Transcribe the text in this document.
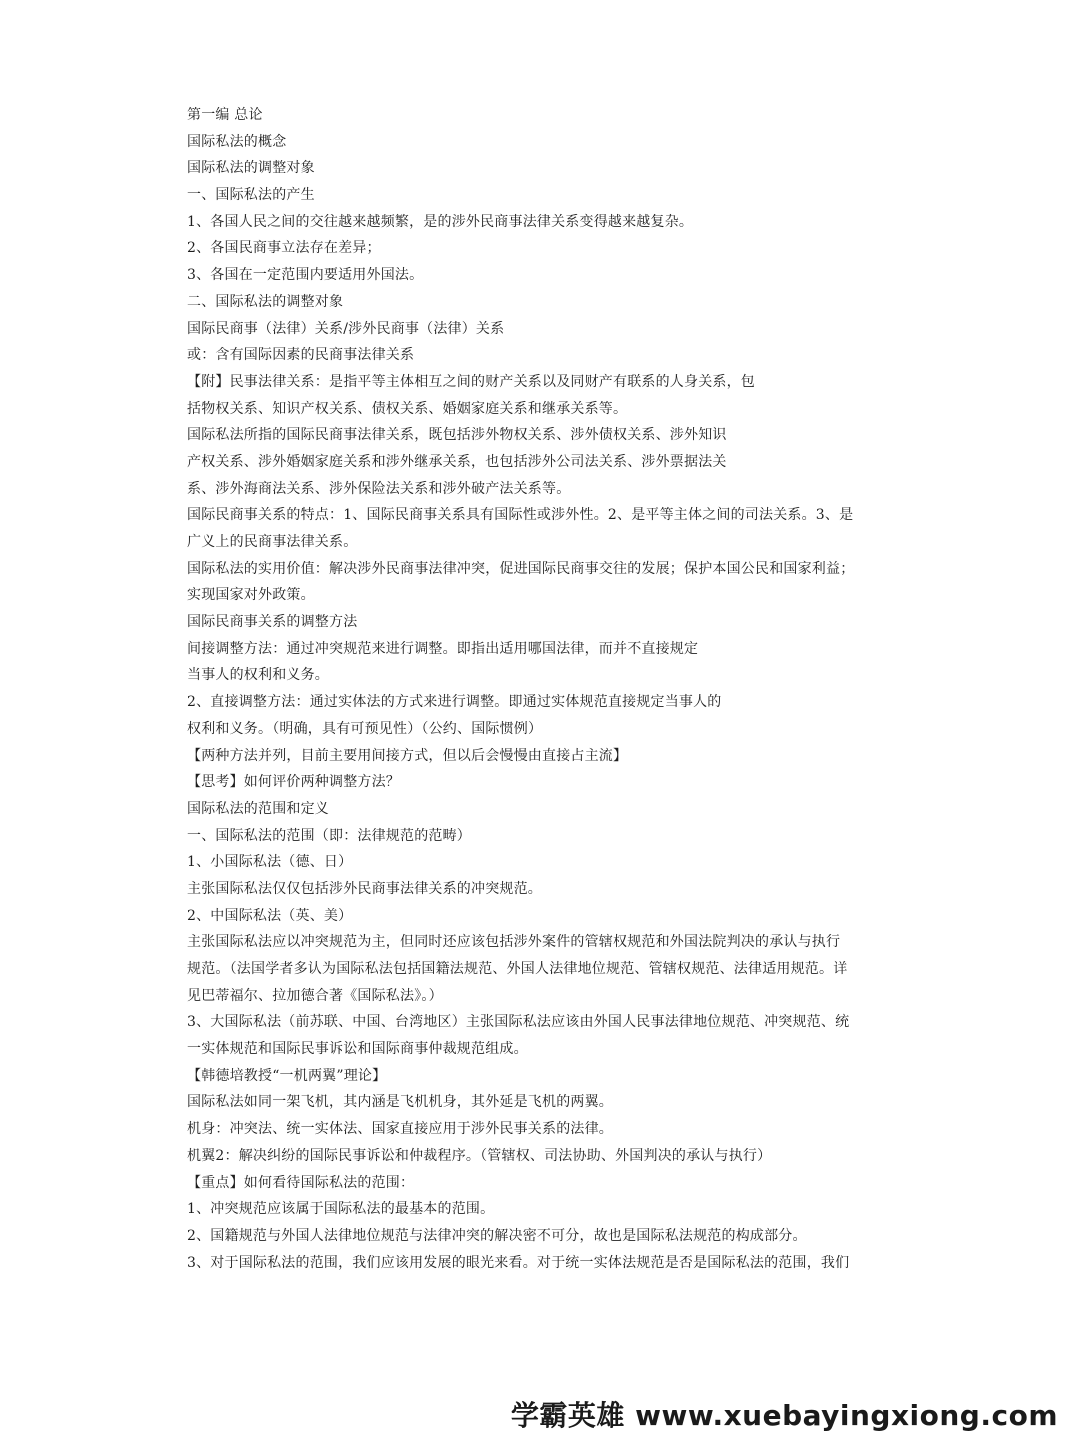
第一编 总论
国际私法的概念
国际私法的调整对象
一、国际私法的产生
1、各国人民之间的交往越来越频繁，是的涉外民商事法律关系变得越来越复杂。
2、各国民商事立法存在差异；
3、各国在一定范围内要适用外国法。
二、国际私法的调整对象
国际民商事（法律）关系/涉外民商事（法律）关系
或：含有国际因素的民商事法律关系
【附】民事法律关系：是指平等主体相互之间的财产关系以及同财产有联系的人身关系，包
括物权关系、知识产权关系、债权关系、婚姻家庭关系和继承关系等。
国际私法所指的国际民商事法律关系，既包括涉外物权关系、涉外债权关系、涉外知识
产权关系、涉外婚姻家庭关系和涉外继承关系，也包括涉外公司法关系、涉外票据法关
系、涉外海商法关系、涉外保险法关系和涉外破产法关系等。
国际民商事关系的特点：1、国际民商事关系具有国际性或涉外性。2、是平等主体之间的司法关系。3、是
广义上的民商事法律关系。
国际私法的实用价值：解决涉外民商事法律冲突，促进国际民商事交往的发展；保护本国公民和国家利益；
实现国家对外政策。
国际民商事关系的调整方法
间接调整方法：通过冲突规范来进行调整。即指出适用哪国法律，而并不直接规定
当事人的权利和义务。
2、直接调整方法：通过实体法的方式来进行调整。即通过实体规范直接规定当事人的
权利和义务。（明确，具有可预见性）（公约、国际惯例）
【两种方法并列，目前主要用间接方式，但以后会慢慢由直接占主流】
【思考】如何评价两种调整方法？
国际私法的范围和定义
一、国际私法的范围（即：法律规范的范畴）
1、小国际私法（德、日）
主张国际私法仅仅包括涉外民商事法律关系的冲突规范。
2、中国际私法（英、美）
主张国际私法应以冲突规范为主，但同时还应该包括涉外案件的管辖权规范和外国法院判决的承认与执行
规范。（法国学者多认为国际私法包括国籍法规范、外国人法律地位规范、管辖权规范、法律适用规范。详
见巴蒂福尔、拉加德合著《国际私法》。）
3、大国际私法（前苏联、中国、台湾地区）主张国际私法应该由外国人民事法律地位规范、冲突规范、统
一实体规范和国际民事诉讼和国际商事仲裁规范组成。
【韩德培教授“一机两翼”理论】
国际私法如同一架飞机，其内涵是飞机机身，其外延是飞机的两翼。
机身：冲突法、统一实体法、国家直接应用于涉外民事关系的法律。
机翼2：解决纠纷的国际民事诉讼和仲裁程序。（管辖权、司法协助、外国判决的承认与执行）
【重点】如何看待国际私法的范围：
1、冲突规范应该属于国际私法的最基本的范围。
2、国籍规范与外国人法律地位规范与法律冲突的解决密不可分，故也是国际私法规范的构成部分。
3、对于国际私法的范围，我们应该用发展的眼光来看。对于统一实体法规范是否是国际私法的范围，我们
学霸英雄 www.xuebayingxiong.com
